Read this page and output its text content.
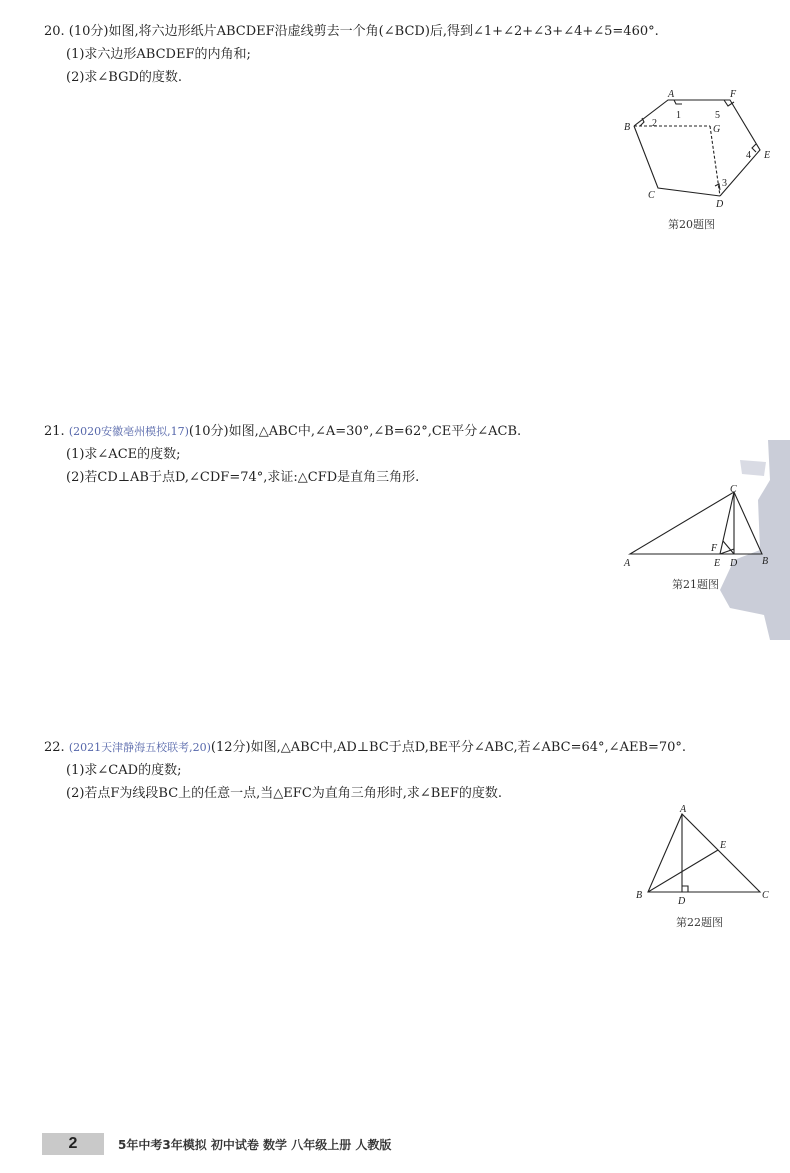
20. (10分)如图,将六边形纸片ABCDEF沿虚线剪去一个角(∠BCD)后,得到∠1+∠2+∠3+∠4+∠5=460°.
(1)求六边形ABCDEF的内角和;
(2)求∠BGD的度数.
A	F
B	G
E
C
D
1
2
3
4
5
第20题图
21. (2020安徽亳州模拟,17)(10分)如图,△ABC中,∠A=30°,∠B=62°,CE平分∠ACB.
(1)求∠ACE的度数;
(2)若CD⊥AB于点D,∠CDF=74°,求证:△CFD是直角三角形.
A
C
B
F
E D
第21题图
22. (2021天津静海五校联考,20)(12分)如图,△ABC中,AD⊥BC于点D,BE平分∠ABC,若∠ABC=64°,∠AEB=70°.
(1)求∠CAD的度数;
(2)若点F为线段BC上的任意一点,当△EFC为直角三角形时,求∠BEF的度数.
A
B	C
D
E
第22题图
2	5年中考3年模拟 初中试卷 数学 八年级上册 人教版
